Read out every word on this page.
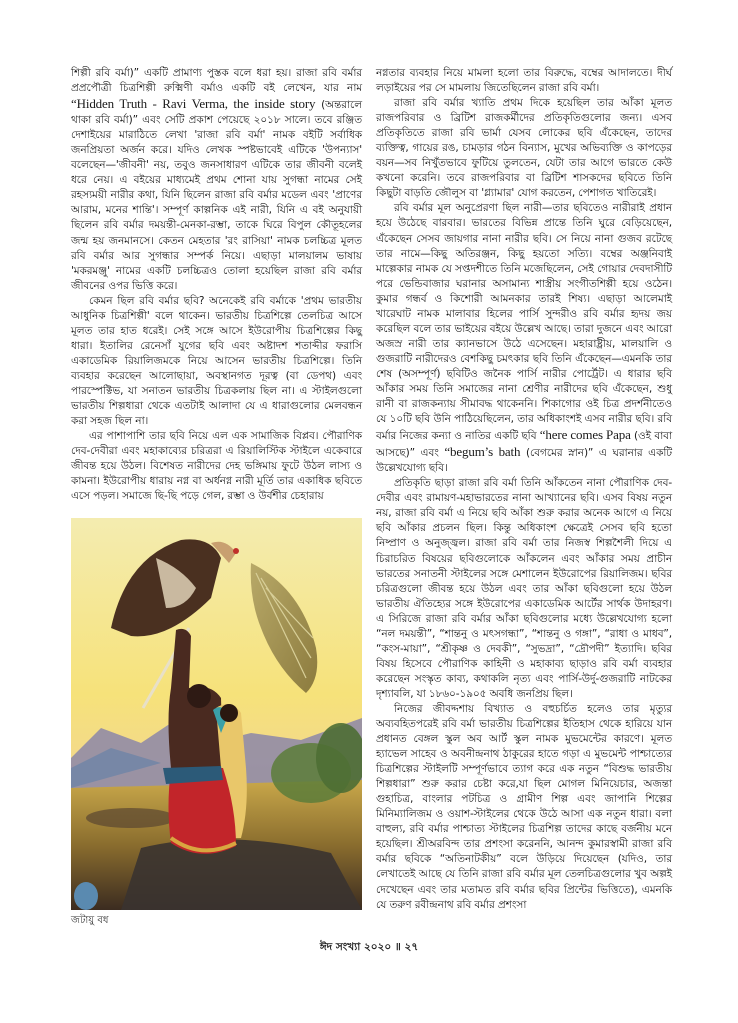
শিল্পী রবি বর্মা)” একটি প্রামাণ্য পুস্তক বলে ধরা হয়। রাজা রবি বর্মার প্রপ্রপৌত্রী চিত্রশিল্পী রুক্মিণী বর্মাও একটি বই লেখেন, যার নাম “Hidden Truth - Ravi Verma, the inside story (অন্তরালে থাকা রবি বর্মা)” এবং সেটি প্রকাশ পেয়েছে ২০১৮ সালে। তবে রঞ্জিত দেশাইয়ের মারাঠিতে লেখা 'রাজা রবি বর্মা' নামক বইটি সর্বাধিক জনপ্রিয়তা অর্জন করে। যদিও লেখক স্পষ্টভাবেই এটিকে 'উপন্যাস' বলেছেন—'জীবনী' নয়, তবুও জনসাধারণ এটিকে তার জীবনী বলেই ধরে নেয়। এ বইয়ের মাধ্যমেই প্রথম শোনা যায় সুগন্ধা নামের সেই রহস্যময়ী নারীর কথা, যিনি ছিলেন রাজা রবি বর্মার মডেল এবং 'প্রাণের আরাম, মনের শান্তি'। সম্পূর্ণ কাল্পনিক এই নারী, যিনি এ বই অনুযায়ী ছিলেন রবি বর্মার দময়ন্তী-মেনকা-রম্ভা, তাকে ঘিরে বিপুল কৌতূহলের জন্ম হয় জনমানসে। কেতন মেহতার 'রং রাসিয়া' নামক চলচ্চিত্র মূলত রবি বর্মার আর সুগন্ধার সম্পর্ক নিয়ে। এছাড়া মালয়ালম ভাষায় 'মকরমঞ্জু' নামের একটি চলচ্চিত্রও তোলা হয়েছিল রাজা রবি বর্মার জীবনের ওপর ভিত্তি করে।

কেমন ছিল রবি বর্মার ছবি? অনেকেই রবি বর্মাকে 'প্রথম ভারতীয় আধুনিক চিত্রশিল্পী' বলে থাকেন। ভারতীয় চিত্রশিল্পে তেলচিত্র আসে মূলত তার হাত ধরেই। সেই সঙ্গে আসে ইউরোপীয় চিত্রশিল্পের কিছু ধারা। ইতালির রেনেসাঁ যুগের ছবি এবং অষ্টাদশ শতাব্দীর ফরাসি একাডেমিক রিয়ালিজমকে নিয়ে আসেন ভারতীয় চিত্রশিল্পে। তিনি ব্যবহার করেছেন আলোছায়া, অবস্থানগত দূরত্ব (বা ডেপথ) এবং পারস্পেক্টিভ, যা সনাতন ভারতীয় চিত্রকলায় ছিল না। এ স্টাইলগুলো ভারতীয় শিল্পধারা থেকে এতটাই আলাদা যে এ ধারাগুলোর মেলবন্ধন করা সহজ ছিল না।

এর পাশাপাশি তার ছবি নিয়ে এল এক সামাজিক বিপ্লব। পৌরাণিক দেব-দেবীরা এবং মহাকাব্যের চরিত্ররা এ রিয়ালিস্টিক স্টাইলে একেবারে জীবন্ত হয়ে উঠল। বিশেষত নারীদের দেহ ভঙ্গিমায় ফুটে উঠল লাস্য ও কামনা। ইউরোপীয় ধারায় নগ্ন বা অর্ধনগ্ন নারী মূর্তি তার একাধিক ছবিতে এসে পড়ল। সমাজে ছি-ছি পড়ে গেল, রম্ভা ও উর্বশীর চেহারায়

নগ্নতার ব্যবহার নিয়ে মামলা হলো তার বিরুদ্ধে, বম্বের আদালতে। দীর্ঘ লড়াইয়ের পর সে মামলায় জিতেছিলেন রাজা রবি বর্মা।

রাজা রবি বর্মার খ্যাতি প্রথম দিকে হয়েছিল তার আঁকা মূলত রাজপরিবার ও ব্রিটিশ রাজকর্মীদের প্রতিকৃতিগুলোর জন্য। এসব প্রতিকৃতিতে রাজা রবি ভার্মা যেসব লোকের ছবি এঁকেছেন, তাদের ব্যক্তিত্ব, গায়ের রঙ, চামড়ার গঠন বিন্যাস, মুখের অভিব্যক্তি ও কাপড়ের বয়ন—সব নিখুঁতভাবে ফুটিয়ে তুলতেন, যেটা তার আগে ভারতে কেউ কখনো করেনি। তবে রাজপরিবার বা ব্রিটিশ শাসকদের ছবিতে তিনি কিছুটা বাড়তি জৌলুস বা 'গ্ল্যামার' যোগ করতেন, পেশাগত খাতিরেই।

রবি বর্মার মূল অনুপ্রেরণা ছিল নারী—তার ছবিতেও নারীরাই প্রধান হয়ে উঠেছে বারবার। ভারতের বিভিন্ন প্রান্তে তিনি ঘুরে বেড়িয়েছেন, এঁকেছেন সেসব জায়গার নানা নারীর ছবি। সে নিয়ে নানা গুজব রটেছে তার নামে—কিছু অতিরঞ্জন, কিছু হয়তো সত্যি। বম্বের অঞ্জনিবাই মাল্পেকার নামক যে সপ্তদশীতে তিনি মজেছিলেন, সেই গোয়ার দেবদাসীটি পরে ভেন্ডিবাজার ঘরানার অসামান্য শাস্ত্রীয় সংগীতশিল্পী হয়ে ওঠেন। কুমার গন্ধর্ব ও কিশোরী আমনকার তারই শিষ্য। এছাড়া আলেমাই খারেঘাট নামক মালাবার হিলের পার্সি সুন্দরীও রবি বর্মার হৃদয় জয় করেছিল বলে তার ভাইয়ের বইয়ে উল্লেখ আছে। তারা দুজনে এবং আরো অজস্র নারী তার ক্যানভাসে উঠে এসেছেন। মহারাষ্ট্রীয়, মালয়ালি ও গুজরাটি নারীদেরও বেশকিছু চমৎকার ছবি তিনি এঁকেছেন—এমনকি তার শেষ (অসম্পূর্ণ) ছবিটিও জনৈক পার্সি নারীর পোর্ট্রেট। এ ধারার ছবি আঁকার সময় তিনি সমাজের নানা শ্রেণীর নারীদের ছবি এঁকেছেন, শুধু রানী বা রাজকন্যায় সীমাবদ্ধ থাকেননি। শিকাগোর ওই চিত্র প্রদর্শনীতেও যে ১০টি ছবি উনি পাঠিয়েছিলেন, তার অধিকাংশই এসব নারীর ছবি। রবি বর্মার নিজের কন্যা ও নাতির একটি ছবি “here comes Papa (ওই বাবা আসছে)” এবং “begum’s bath (বেগমের স্নান)” এ ঘরানার একটি উল্লেখযোগ্য ছবি।

প্রতিকৃতি ছাড়া রাজা রবি বর্মা তিনি আঁকতেন নানা পৌরাণিক দেব-দেবীর এবং রামায়ণ-মহাভারতের নানা আখ্যানের ছবি। এসব বিষয় নতুন নয়, রাজা রবি বর্মা এ নিয়ে ছবি আঁকা শুরু করার অনেক আগে এ নিয়ে ছবি আঁকার প্রচলন ছিল। কিন্তু অধিকাংশ ক্ষেত্রেই সেসব ছবি হতো নিষ্প্রাণ ও অনুজ্জ্বল। রাজা রবি বর্মা তার নিজস্ব শিল্পশৈলী দিয়ে এ চিরাচরিত বিষয়ের ছবিগুলোকে আঁকলেন এবং আঁকার সময় প্রাচীন ভারতের সনাতনী স্টাইলের সঙ্গে মেশালেন ইউরোপের রিয়ালিজম। ছবির চরিত্রগুলো জীবন্ত হয়ে উঠল এবং তার আঁকা ছবিগুলো হয়ে উঠল ভারতীয় ঐতিহ্যের সঙ্গে ইউরোপের একাডেমিক আর্টের সার্থক উদাহরণ। এ সিরিজে রাজা রবি বর্মার আঁকা ছবিগুলোর মধ্যে উল্লেখযোগ্য হলো “নল দময়ন্তী”, “শান্তনু ও মৎসগন্ধা”, “শান্তনু ও গঙ্গা”, “রাধা ও মাধব”, “কংস-মায়া”, “শ্রীকৃষ্ণ ও দেবকী”, “সুভদ্রা”, “দ্রৌপদী” ইত্যাদি। ছবির বিষয় হিসেবে পৌরাণিক কাহিনী ও মহাকাব্য ছাড়াও রবি বর্মা ব্যবহার করেছেন সংস্কৃত কাব্য, কথাকলি নৃত্য এবং পার্সি-উর্দু-গুজরাটি নাটকের দৃশ্যাবলি, যা ১৮৬০-১৯০৫ অবধি জনপ্রিয় ছিল।

নিজের জীবদ্দশায় বিখ্যাত ও বহুচর্চিত হলেও তার মৃত্যুর অব্যবহিতপরেই রবি বর্মা ভারতীয় চিত্রশিল্পের ইতিহাস থেকে হারিয়ে যান প্রধানত বেঙ্গল স্কুল অব আর্ট স্কুল নামক মুভমেন্টের কারণে। মূলত হ্যাভেল সাহেব ও অবনীন্দ্রনাথ ঠাকুরের হাতে গড়া এ মুভমেন্ট পাশ্চাত্যের চিত্রশিল্পের স্টাইলটি সম্পূর্ণভাবে ত্যাগ করে এক নতুন “বিশুদ্ধ ভারতীয় শিল্পধারা” শুরু করার চেষ্টা করে,যা ছিল মোগল মিনিয়েচার, অজন্তা গুহাচিত্র, বাংলার পটচিত্র ও গ্রামীণ শিল্প এবং জাপানি শিল্পের মিনিম্যালিজম ও ওয়াশ-স্টাইলের থেকে উঠে আসা এক নতুন ধারা। বলা বাহুল্য, রবি বর্মার পাশ্চাত্য স্টাইলের চিত্রশিল্প তাদের কাছে বর্জনীয় মনে হয়েছিল। শ্রীঅরবিন্দ তার প্রশংসা করেননি, আনন্দ কুমারস্বামী রাজা রবি বর্মার ছবিকে “অতিনাটকীয়” বলে উড়িয়ে দিয়েছেন (যদিও, তার লেখাতেই আছে যে তিনি রাজা রবি বর্মার মূল তেলচিত্রগুলোর খুব অল্পই দেখেছেন এবং তার মতামত রবি বর্মার ছবির প্রিন্টের ভিত্তিতে), এমনকি যে তরুণ রবীন্দ্রনাথ রবি বর্মার প্রশংসা

জটায়ু বধ
ঈদ সংখ্যা ২০২০ ॥ ২৭
